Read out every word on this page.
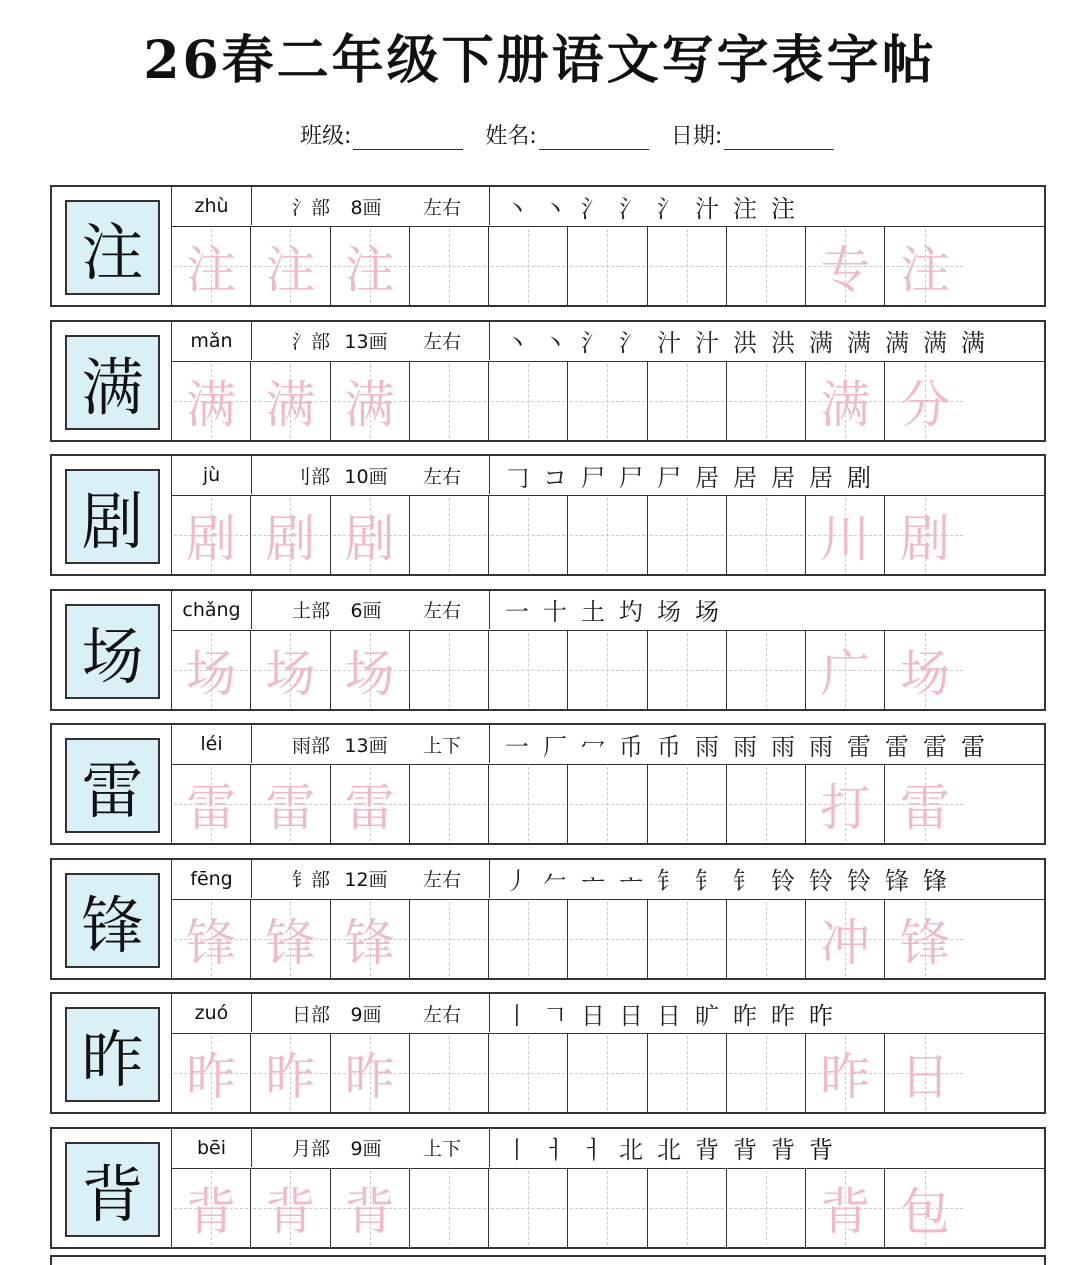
26春二年级下册语文写字表字帖
班级:	姓名:	日期:
注
zhù	氵部	8画	左右	丶 丶 氵 氵 氵 汁 注 注
注 注 注	专 注
满
mǎn	氵部 13画	左右	丶 丶 氵 氵 汁 汁 洪 洪 满 满 满 满 满
满 满 满	满 分
剧
jù	刂部 10画	左右	𠃌 コ 尸 尸 尸 居 居 居 居 剧
剧 剧 剧	川 剧
场
chǎng	土部	6画	左右	一 十 土 圴 场 场
场 场 场	广 场
雷
léi	雨部 13画	上下	一 厂 冖 币 币 雨 雨 雨 雨 雷 雷 雷 雷
雷 雷 雷	打 雷
锋
fēng	钅部 12画	左右	丿 𠂉 ᅩ ᅩ 钅 钅 钅 铃 铃 铃 锋 锋
锋 锋 锋	冲 锋
昨
zuó	日部	9画	左右	丨 𠃍 日 日 日 旷 昨 昨 昨
昨 昨 昨	昨 日
背
bēi	月部	9画	上下	丨 ㅓ ㅓ 北 北 背 背 背 背
背 背 背	背 包
